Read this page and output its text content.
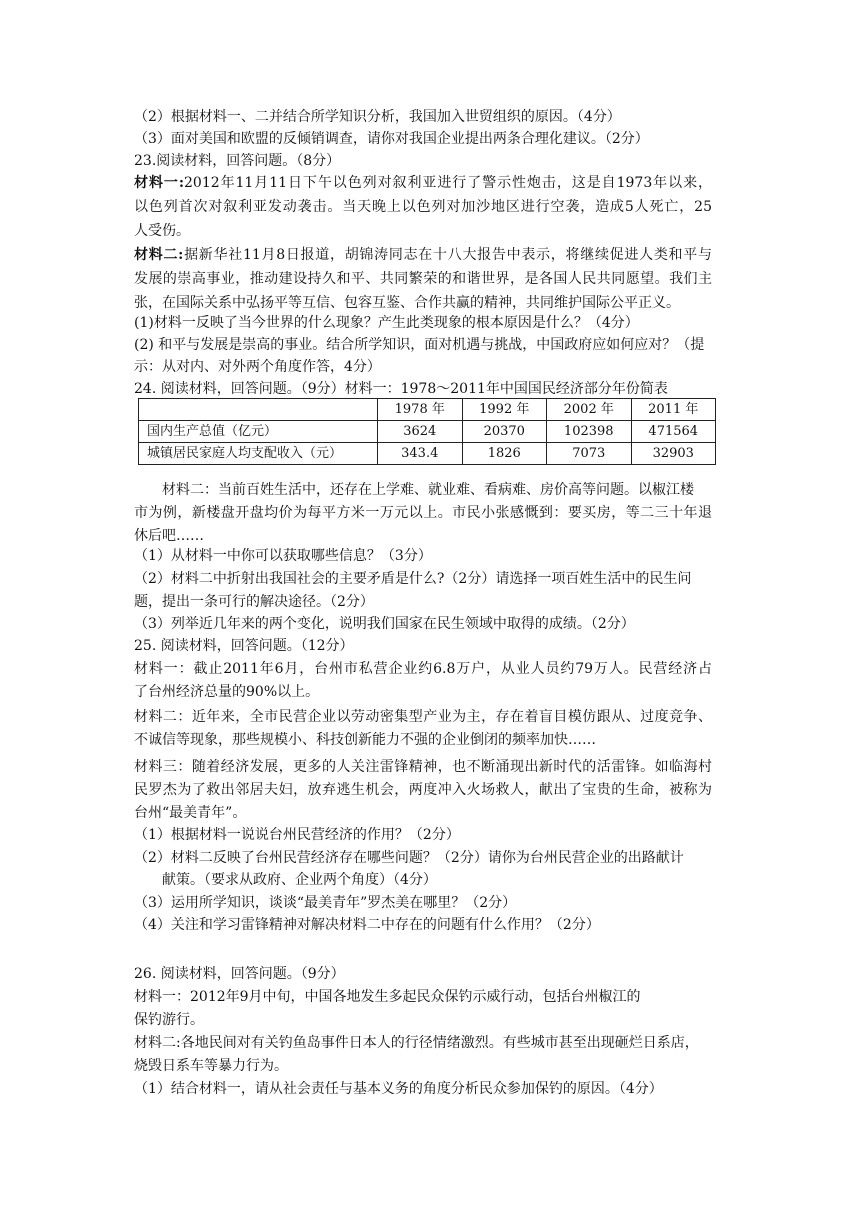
（2）根据材料一、二并结合所学知识分析，我国加入世贸组织的原因。（4分）
（3）面对美国和欧盟的反倾销调查，请你对我国企业提出两条合理化建议。（2分）
23.阅读材料，回答问题。（8分）
材料一:2012年11月11日下午以色列对叙利亚进行了警示性炮击，这是自1973年以来，
以色列首次对叙利亚发动袭击。当天晚上以色列对加沙地区进行空袭，造成5人死亡，25
人受伤。
材料二:据新华社11月8日报道，胡锦涛同志在十八大报告中表示，将继续促进人类和平与
发展的崇高事业，推动建设持久和平、共同繁荣的和谐世界，是各国人民共同愿望。我们主
张，在国际关系中弘扬平等互信、包容互鉴、合作共赢的精神，共同维护国际公平正义。
(1)材料一反映了当今世界的什么现象？产生此类现象的根本原因是什么？（4分）
(2) 和平与发展是崇高的事业。结合所学知识，面对机遇与挑战，中国政府应如何应对？（提
示：从对内、对外两个角度作答，4分）
24. 阅读材料，回答问题。（9分）材料一：1978～2011年中国国民经济部分年份简表
	1978 年	1992 年	2002 年	2011 年
国内生产总值（亿元）	3624	20370	102398	471564
城镇居民家庭人均支配收入（元）	343.4	1826	7073	32903
材料二：当前百姓生活中，还存在上学难、就业难、看病难、房价高等问题。以椒江楼
市为例，新楼盘开盘均价为每平方米一万元以上。市民小张感慨到：要买房，等二三十年退
休后吧……
（1）从材料一中你可以获取哪些信息？（3分）
（2）材料二中折射出我国社会的主要矛盾是什么?（2分）请选择一项百姓生活中的民生问
题，提出一条可行的解决途径。（2分）
（3）列举近几年来的两个变化，说明我们国家在民生领域中取得的成绩。（2分）
25. 阅读材料，回答问题。（12分）
材料一：截止2011年6月，台州市私营企业约6.8万户，从业人员约79万人。民营经济占
了台州经济总量的90%以上。
材料二：近年来，全市民营企业以劳动密集型产业为主，存在着盲目模仿跟从、过度竞争、
不诚信等现象，那些规模小、科技创新能力不强的企业倒闭的频率加快……
材料三：随着经济发展，更多的人关注雷锋精神，也不断涌现出新时代的活雷锋。如临海村
民罗杰为了救出邻居夫妇，放弃逃生机会，两度冲入火场救人，献出了宝贵的生命，被称为
台州“最美青年”。
（1）根据材料一说说台州民营经济的作用？（2分）
（2）材料二反映了台州民营经济存在哪些问题？（2分）请你为台州民营企业的出路献计
献策。（要求从政府、企业两个角度）（4分）
（3）运用所学知识，谈谈“最美青年”罗杰美在哪里？（2分）
（4）关注和学习雷锋精神对解决材料二中存在的问题有什么作用？（2分）
26. 阅读材料，回答问题。（9分）
材料一：2012年9月中旬，中国各地发生多起民众保钓示威行动，包括台州椒江的
保钓游行。
材料二:各地民间对有关钓鱼岛事件日本人的行径情绪激烈。有些城市甚至出现砸烂日系店，
烧毁日系车等暴力行为。
（1）结合材料一，请从社会责任与基本义务的角度分析民众参加保钓的原因。（4分）
